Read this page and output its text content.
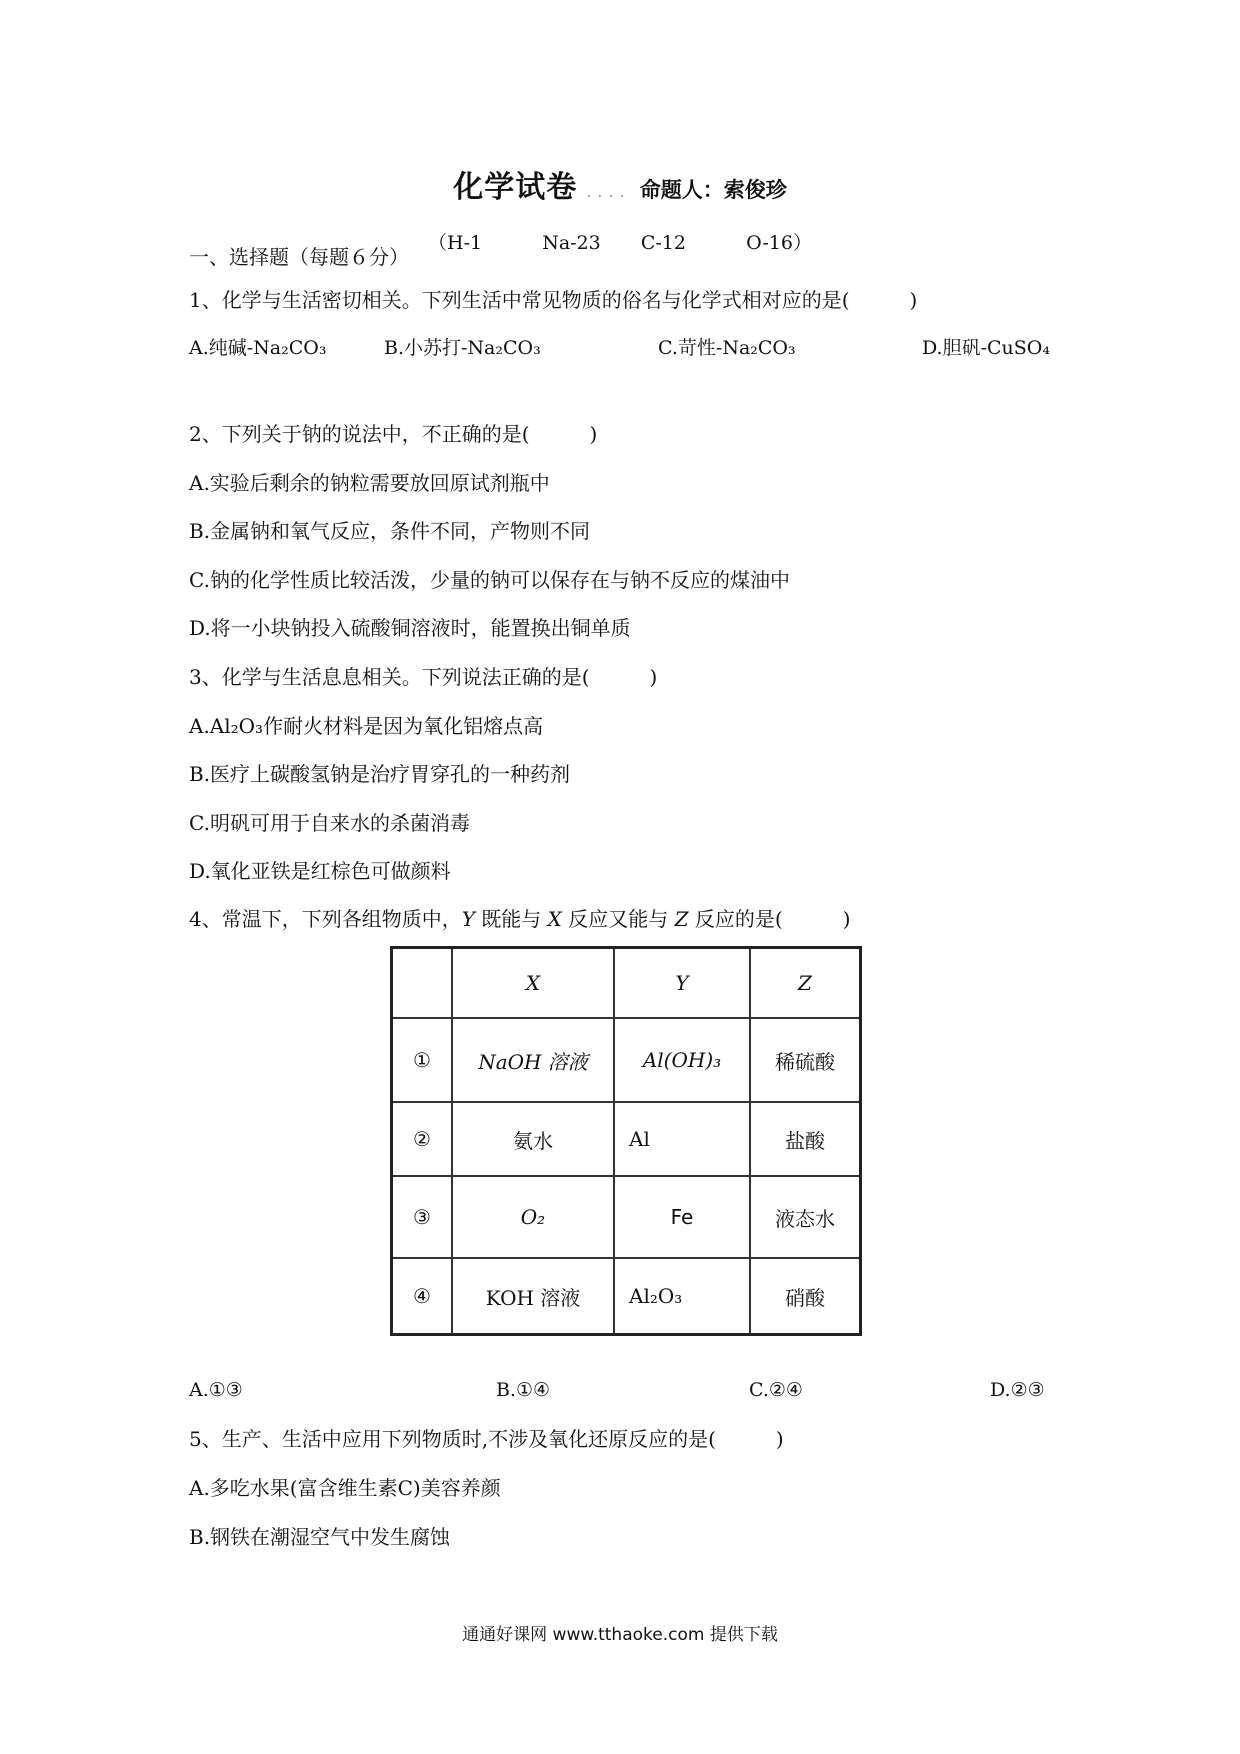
化学试卷 .... 命题人：索俊珍
（H-1   Na-23  C-12   O-16）
一、选择题（每题６分）
1、化学与生活密切相关。下列生活中常见物质的俗名与化学式相对应的是(　　　)
A.纯碱-Na₂CO₃	B.小苏打-Na₂CO₃	C.苛性-Na₂CO₃	D.胆矾-CuSO₄
2、下列关于钠的说法中，不正确的是(　　　)
A.实验后剩余的钠粒需要放回原试剂瓶中
B.金属钠和氧气反应，条件不同，产物则不同
C.钠的化学性质比较活泼，少量的钠可以保存在与钠不反应的煤油中
D.将一小块钠投入硫酸铜溶液时，能置换出铜单质
3、化学与生活息息相关。下列说法正确的是(　　　)
A.Al₂O₃作耐火材料是因为氧化铝熔点高
B.医疗上碳酸氢钠是治疗胃穿孔的一种药剂
C.明矾可用于自来水的杀菌消毒
D.氧化亚铁是红棕色可做颜料
4、常温下，下列各组物质中，Y 既能与 X 反应又能与 Z 反应的是(　　　)
	X	Y	Z
①	NaOH 溶液	Al(OH)₃	稀硫酸
②	氨水	Al	盐酸
③	O₂	Fe	液态水
④	KOH 溶液	Al₂O₃	硝酸
A.①③	B.①④	C.②④	D.②③
5、生产、生活中应用下列物质时,不涉及氧化还原反应的是(　　　)
A.多吃水果(富含维生素C)美容养颜
B.钢铁在潮湿空气中发生腐蚀
通通好课网 www.tthaoke.com 提供下载
